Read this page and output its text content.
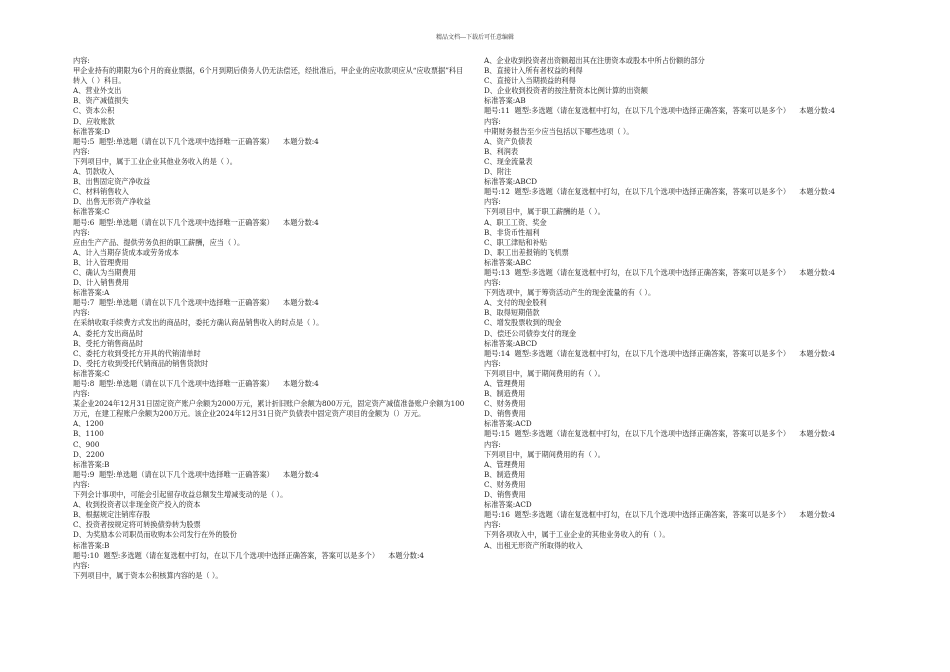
精品文档---下载后可任意编辑
内容:
甲企业持有的期限为6个月的商业票据，6个月到期后债务人仍无法偿还，经批准后，甲企业的应收款项应从“应收票据”科目转入（ ）科目。
A、营业外支出
B、资产减值损失
C、资本公积
D、应收账款
标准答案:D
题号:5  题型:单选题（请在以下几个选项中选择唯一正确答案）    本题分数:4
内容:
下列项目中，属于工业企业其他业务收入的是（ ）。
A、罚款收入
B、出售固定资产净收益
C、材料销售收入
D、出售无形资产净收益
标准答案:C
题号:6  题型:单选题（请在以下几个选项中选择唯一正确答案）    本题分数:4
内容:
应由生产产品、提供劳务负担的职工薪酬，应当（ ）。
A、计入当期存货成本或劳务成本
B、计入管理费用
C、确认为当期费用
D、计入销售费用
标准答案:A
题号:7  题型:单选题（请在以下几个选项中选择唯一正确答案）    本题分数:4
内容:
在采纳收取手续费方式发出的商品时，委托方确认商品销售收入的时点是（ ）。
A、委托方发出商品时
B、受托方销售商品时
C、委托方收到受托方开具的代销清单时
D、受托方收到受托代销商品的销售货款时
标准答案:C
题号:8  题型:单选题（请在以下几个选项中选择唯一正确答案）    本题分数:4
内容:
某企业2024年12月31日固定资产账户余额为2000万元，累计折旧账户余额为800万元，固定资产减值准备账户余额为100万元，在建工程账户余额为200万元。该企业2024年12月31日资产负债表中固定资产项目的金额为（）万元。
A、1200
B、1100
C、900
D、2200
标准答案:B
题号:9  题型:单选题（请在以下几个选项中选择唯一正确答案）    本题分数:4
内容:
下列会计事项中，可能会引起留存收益总额发生增减变动的是（ ）。
A、收到投资者以非现金资产投入的资本
B、根据规定注销库存股
C、投资者按规定将可转换债券转为股票
D、为奖励本公司职员而收购本公司发行在外的股份
标准答案:B
题号:10  题型:多选题（请在复选框中打勾，在以下几个选项中选择正确答案，答案可以是多个）    本题分数:4
内容:
下列项目中，属于资本公积核算内容的是（ ）。
A、企业收到投资者出资额超出其在注册资本或股本中所占份额的部分
B、直接计入所有者权益的利得
C、直接计入当期损益的利得
D、企业收到投资者的按注册资本比例计算的出资额
标准答案:AB
题号:11  题型:多选题（请在复选框中打勾，在以下几个选项中选择正确答案，答案可以是多个）    本题分数:4
内容:
中期财务报告至少应当包括以下哪些选项（ ）。
A、资产负债表
B、利润表
C、现金流量表
D、附注
标准答案:ABCD
题号:12  题型:多选题（请在复选框中打勾，在以下几个选项中选择正确答案，答案可以是多个）    本题分数:4
内容:
下列项目中，属于职工薪酬的是（ ）。
A、职工工资、奖金
B、非货币性福利
C、职工津贴和补贴
D、职工出差报销的飞机票
标准答案:ABC
题号:13  题型:多选题（请在复选框中打勾，在以下几个选项中选择正确答案，答案可以是多个）    本题分数:4
内容:
下列选项中，属于筹资活动产生的现金流量的有（ ）。
A、支付的现金股利
B、取得短期借款
C、增发股票收到的现金
D、偿还公司债券支付的现金
标准答案:ABCD
题号:14  题型:多选题（请在复选框中打勾，在以下几个选项中选择正确答案，答案可以是多个）    本题分数:4
内容:
下列项目中，属于期间费用的有（ ）。
A、管理费用
B、制造费用
C、财务费用
D、销售费用
标准答案:ACD
题号:15  题型:多选题（请在复选框中打勾，在以下几个选项中选择正确答案，答案可以是多个）    本题分数:4
内容:
下列项目中，属于期间费用的有（ ）。
A、管理费用
B、制造费用
C、财务费用
D、销售费用
标准答案:ACD
题号:16  题型:多选题（请在复选框中打勾，在以下几个选项中选择正确答案，答案可以是多个）    本题分数:4
内容:
下列各项收入中，属于工业企业的其他业务收入的有（ ）。
A、出租无形资产所取得的收入
